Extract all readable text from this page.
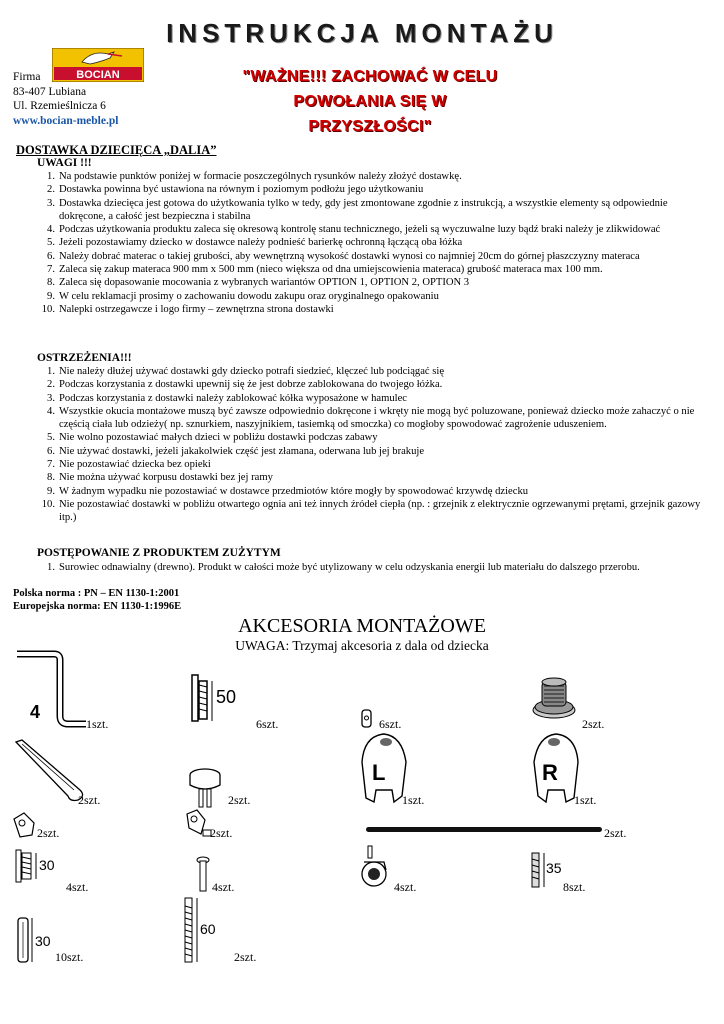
INSTRUKCJA MONTAŻU
BOCIAN
Firma
83-407 Lubiana
Ul. Rzemieślnicza 6
www.bocian-meble.pl
"WAŻNE!!! ZACHOWAĆ W CELU
POWOŁANIA SIĘ W
PRZYSZŁOŚCI"
DOSTAWKA DZIECIĘCA „DALIA”
UWAGI !!!
1. Na podstawie punktów poniżej w formacie poszczególnych rysunków należy złożyć dostawkę.
2. Dostawka powinna być ustawiona na równym i poziomym podłożu jego użytkowaniu
3. Dostawka dziecięca jest gotowa do użytkowania tylko w tedy, gdy jest zmontowane zgodnie z instrukcją, a wszystkie elementy są odpowiednie dokręcone, a całość jest bezpieczna i stabilna
4. Podczas użytkowania produktu zaleca się okresową kontrolę stanu technicznego, jeżeli są wyczuwalne luzy bądź braki należy je zlikwidować
5. Jeżeli pozostawiamy dziecko w dostawce należy podnieść barierkę ochronną łączącą oba łóżka
6. Należy dobrać materac o takiej grubości, aby wewnętrzną wysokość dostawki wynosi co najmniej 20cm do górnej płaszczyzny materaca
7. Zaleca się zakup materaca 900 mm x 500 mm (nieco większa od dna umiejscowienia materaca) grubość materaca max 100 mm.
8. Zaleca się dopasowanie mocowania z wybranych wariantów OPTION 1, OPTION 2, OPTION 3
9. W celu reklamacji prosimy o zachowaniu dowodu zakupu oraz oryginalnego opakowaniu
10. Nalepki ostrzegawcze i logo firmy – zewnętrzna strona dostawki
OSTRZEŻENIA!!!
1. Nie należy dłużej używać dostawki gdy dziecko potrafi siedzieć, klęczeć lub podciągać się
2. Podczas korzystania z dostawki upewnij się że jest dobrze zablokowana do twojego łóżka.
3. Podczas korzystania z dostawki należy zablokować kółka wyposażone w hamulec
4. Wszystkie okucia montażowe muszą być zawsze odpowiednio dokręcone i wkręty nie mogą być poluzowane, ponieważ dziecko może zahaczyć o nie częścią ciała lub odzieży( np. sznurkiem, naszyjnikiem, tasiemką od smoczka) co mogłoby spowodować zagrożenie uduszeniem.
5. Nie wolno pozostawiać małych dzieci w pobliżu dostawki podczas zabawy
6. Nie używać dostawki, jeżeli jakakolwiek część jest złamana, oderwana lub jej brakuje
7. Nie pozostawiać dziecka bez opieki
8. Nie można używać korpusu dostawki bez jej ramy
9. W żadnym wypadku nie pozostawiać w dostawce przedmiotów które mogły by spowodować krzywdę dziecku
10. Nie pozostawiać dostawki w pobliżu otwartego ognia ani też innych źródeł ciepła (np. : grzejnik z elektrycznie ogrzewanymi prętami, grzejnik gazowy itp.)
POSTĘPOWANIE Z PRODUKTEM ZUŻYTYM
1. Surowiec odnawialny (drewno). Produkt w całości może być utylizowany w celu odzyskania energii lub materiału do dalszego przerobu.
Polska norma : PN – EN 1130-1:2001
Europejska norma: EN 1130-1:1996E
AKCESORIA MONTAŻOWE
UWAGA: Trzymaj akcesoria z dala od dziecka
4
1szt.
50
6szt.	6szt.	2szt.
2szt.	2szt.
L
1szt.
R
1szt.
2szt.	2szt.	2szt.
30
4szt.	4szt.	4szt.
35
8szt.
30
10szt.
60
2szt.
